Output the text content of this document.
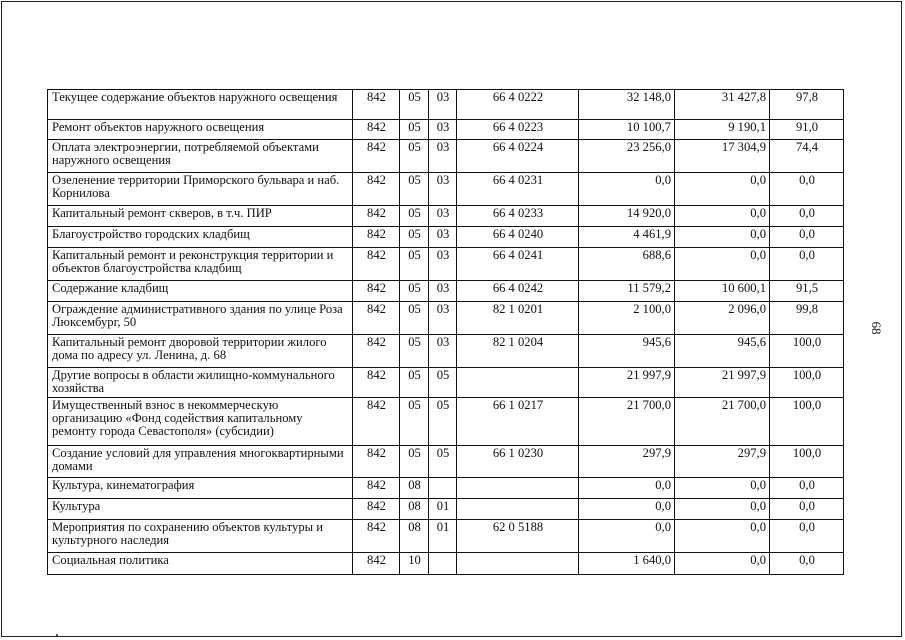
Текущее содержание объектов наружного освещения	842	05	03	66 4 0222	32 148,0	31 427,8	97,8
Ремонт объектов наружного освещения	842	05	03	66 4 0223	10 100,7	9 190,1	91,0
Оплата электроэнергии, потребляемой объектами наружного освещения	842	05	03	66 4 0224	23 256,0	17 304,9	74,4
Озеленение территории Приморского бульвара и наб. Корнилова	842	05	03	66 4 0231	0,0	0,0	0,0
Капитальный ремонт скверов, в т.ч. ПИР	842	05	03	66 4 0233	14 920,0	0,0	0,0
Благоустройство городских кладбищ	842	05	03	66 4 0240	4 461,9	0,0	0,0
Капитальный ремонт и реконструкция территории и объектов благоустройства кладбищ	842	05	03	66 4 0241	688,6	0,0	0,0
Содержание кладбищ	842	05	03	66 4 0242	11 579,2	10 600,1	91,5
Ограждение административного здания по улице Роза Люксембург, 50	842	05	03	82 1 0201	2 100,0	2 096,0	99,8
Капитальный ремонт дворовой территории жилого дома по адресу ул. Ленина, д. 68	842	05	03	82 1 0204	945,6	945,6	100,0
Другие вопросы в области жилищно-коммунального хозяйства	842	05	05		21 997,9	21 997,9	100,0
Имущественный взнос в некоммерческую организацию «Фонд содействия капитальному ремонту города Севастополя» (субсидии)	842	05	05	66 1 0217	21 700,0	21 700,0	100,0
Создание условий для управления многоквартирными домами	842	05	05	66 1 0230	297,9	297,9	100,0
Культура, кинематография	842	08			0,0	0,0	0,0
Культура	842	08	01		0,0	0,0	0,0
Мероприятия по сохранению объектов культуры и культурного наследия	842	08	01	62 0 5188	0,0	0,0	0,0
Социальная политика	842	10			1 640,0	0,0	0,0
68
